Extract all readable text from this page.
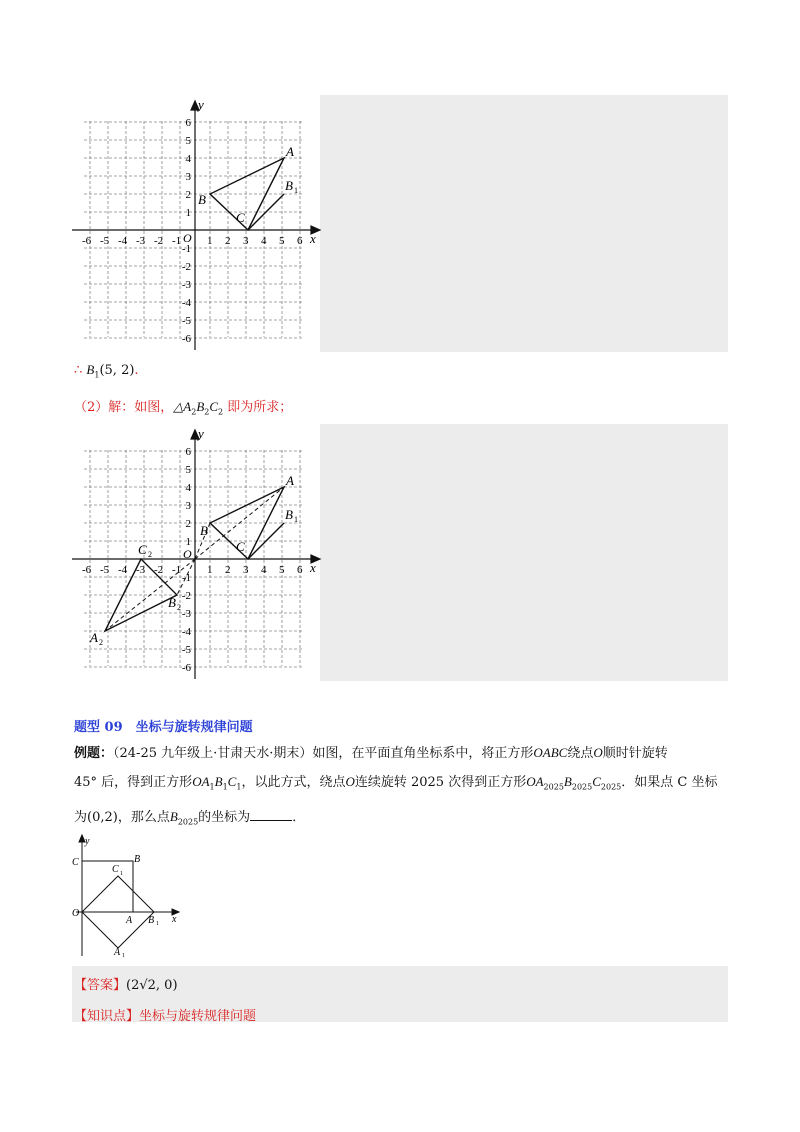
y
x
O
-6 -5 -4 -3 -2 -1 1 2 3 4 5 6
6
5
4
3
2
1
-1
-2
-3
-4
-5
-6
A
B
C
B 1
∴ $B_1(5$, 2).
（2）解：如图，$\triangle A_2B_2C_2$ 即为所求；
y
x
O
-6 -5 -4 -3 -2 -1 1 2 3 4 5 6
6
5
4
3
2
1
-1
-2
-3
-4
-5
-6
A
B
C
B 1
C 2
B 2
A 2
题型 09　坐标与旋转规律问题
例题：（24-25 九年级上·甘肃天水·期末）如图，在平面直角坐标系中，将正方形OABC绕点O顺时针旋转
45° 后，得到正方形$OA_1B_1C_1$，以此方式，绕点O连续旋转 2025 次得到正方形$OA_{2025}B_{2025}C_{2025}$．如果点 C 坐标
为(0,2)，那么点$B_{2025}$的坐标为	．
y
x
C	B
C 1
O
A B 1
A 1
【答案】(2√2, 0)
【知识点】坐标与旋转规律问题
